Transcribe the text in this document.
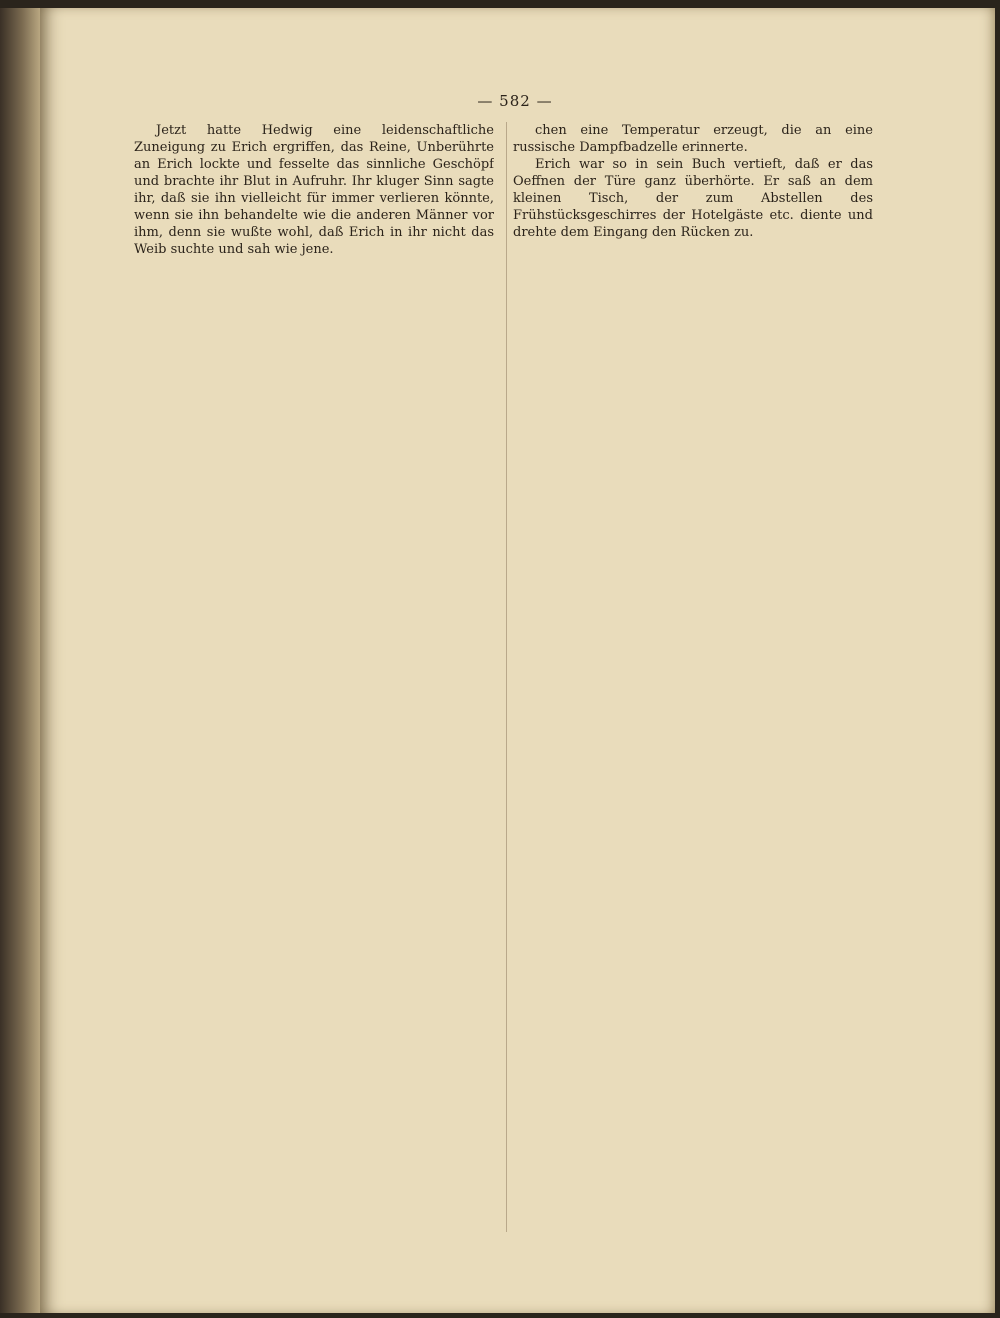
— 582 —

Jetzt hatte Hedwig eine leidenschaftliche Zuneigung zu Erich ergriffen, das Reine, Unberührte an Erich lockte und fesselte das sinnliche Geschöpf und brachte ihr Blut in Aufruhr. Ihr kluger Sinn sagte ihr, daß sie ihn vielleicht für immer verlieren könnte, wenn sie ihn behandelte wie die anderen Männer vor ihm, denn sie wußte wohl, daß Erich in ihr nicht das Weib suchte und sah wie jene.

chen eine Temperatur erzeugt, die an eine russische Dampfbadzelle erinnerte.

Erich war so in sein Buch vertieft, daß er das Oeffnen der Türe ganz überhörte. Er saß an dem kleinen Tisch, der zum Abstellen des Frühstücksgeschirres der Hotelgäste etc. diente und drehte dem Eingang den Rücken zu.
